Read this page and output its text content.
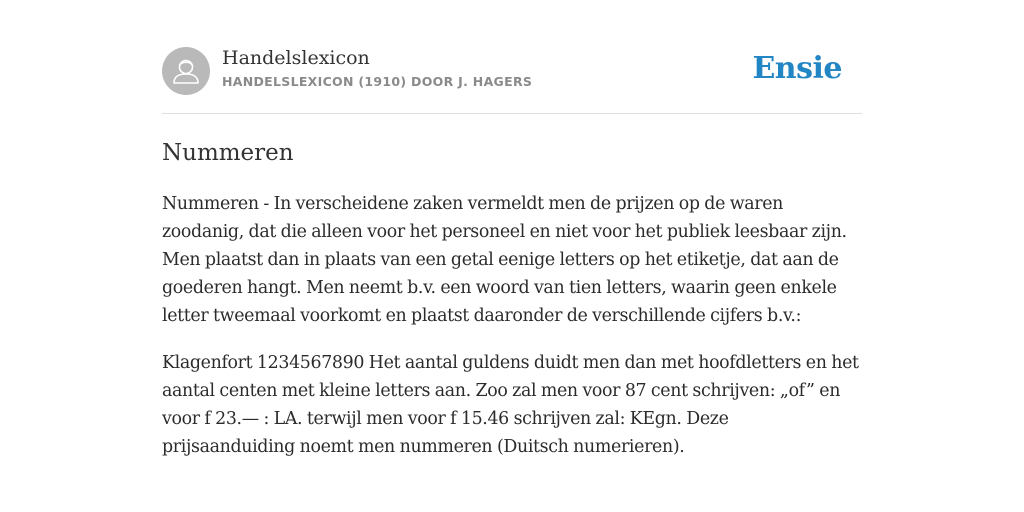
Handelslexicon
HANDELSLEXICON (1910) DOOR J. HAGERS	Ensie
Nummeren

Nummeren - In verscheidene zaken vermeldt men de prijzen op de waren zoodanig, dat die alleen voor het personeel en niet voor het publiek leesbaar zijn. Men plaatst dan in plaats van een getal eenige letters op het etiketje, dat aan de goederen hangt. Men neemt b.v. een woord van tien letters, waarin geen enkele letter tweemaal voorkomt en plaatst daaronder de verschillende cijfers b.v.:

Klagenfort 1234567890 Het aantal guldens duidt men dan met hoofdletters en het aantal centen met kleine letters aan. Zoo zal men voor 87 cent schrijven: „of” en voor f 23.— : LA. terwijl men voor f 15.46 schrijven zal: KEgn. Deze prijsaanduiding noemt men nummeren (Duitsch numerieren).
